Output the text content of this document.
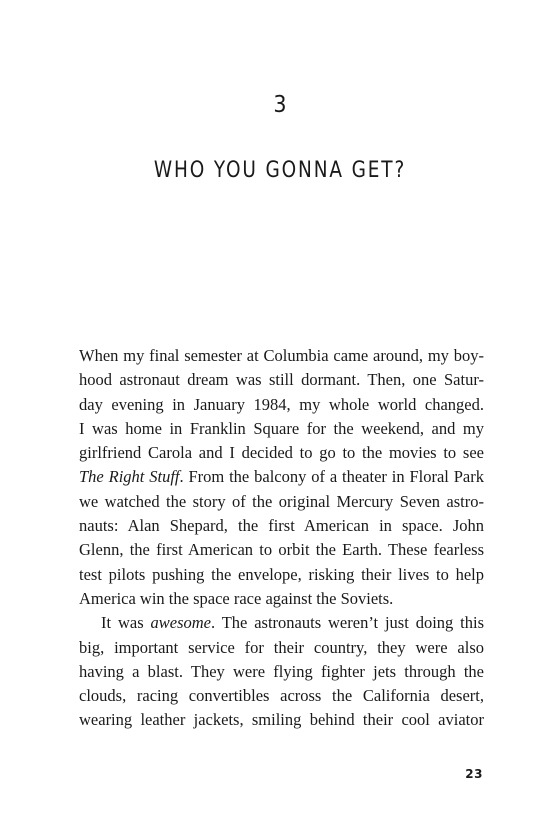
3
WHO YOU GONNA GET?
When my final semester at Columbia came around, my boy-
hood astronaut dream was still dormant. Then, one Satur-
day evening in January 1984, my whole world changed.
I was home in Franklin Square for the weekend, and my
girlfriend Carola and I decided to go to the movies to see
The Right Stuff. From the balcony of a theater in Floral Park
we watched the story of the original Mercury Seven astro-
nauts: Alan Shepard, the first American in space. John
Glenn, the first American to orbit the Earth. These fearless
test pilots pushing the envelope, risking their lives to help
America win the space race against the Soviets.
It was awesome. The astronauts weren’t just doing this
big, important service for their country, they were also
having a blast. They were flying fighter jets through the
clouds, racing convertibles across the California desert,
wearing leather jackets, smiling behind their cool aviator
23
